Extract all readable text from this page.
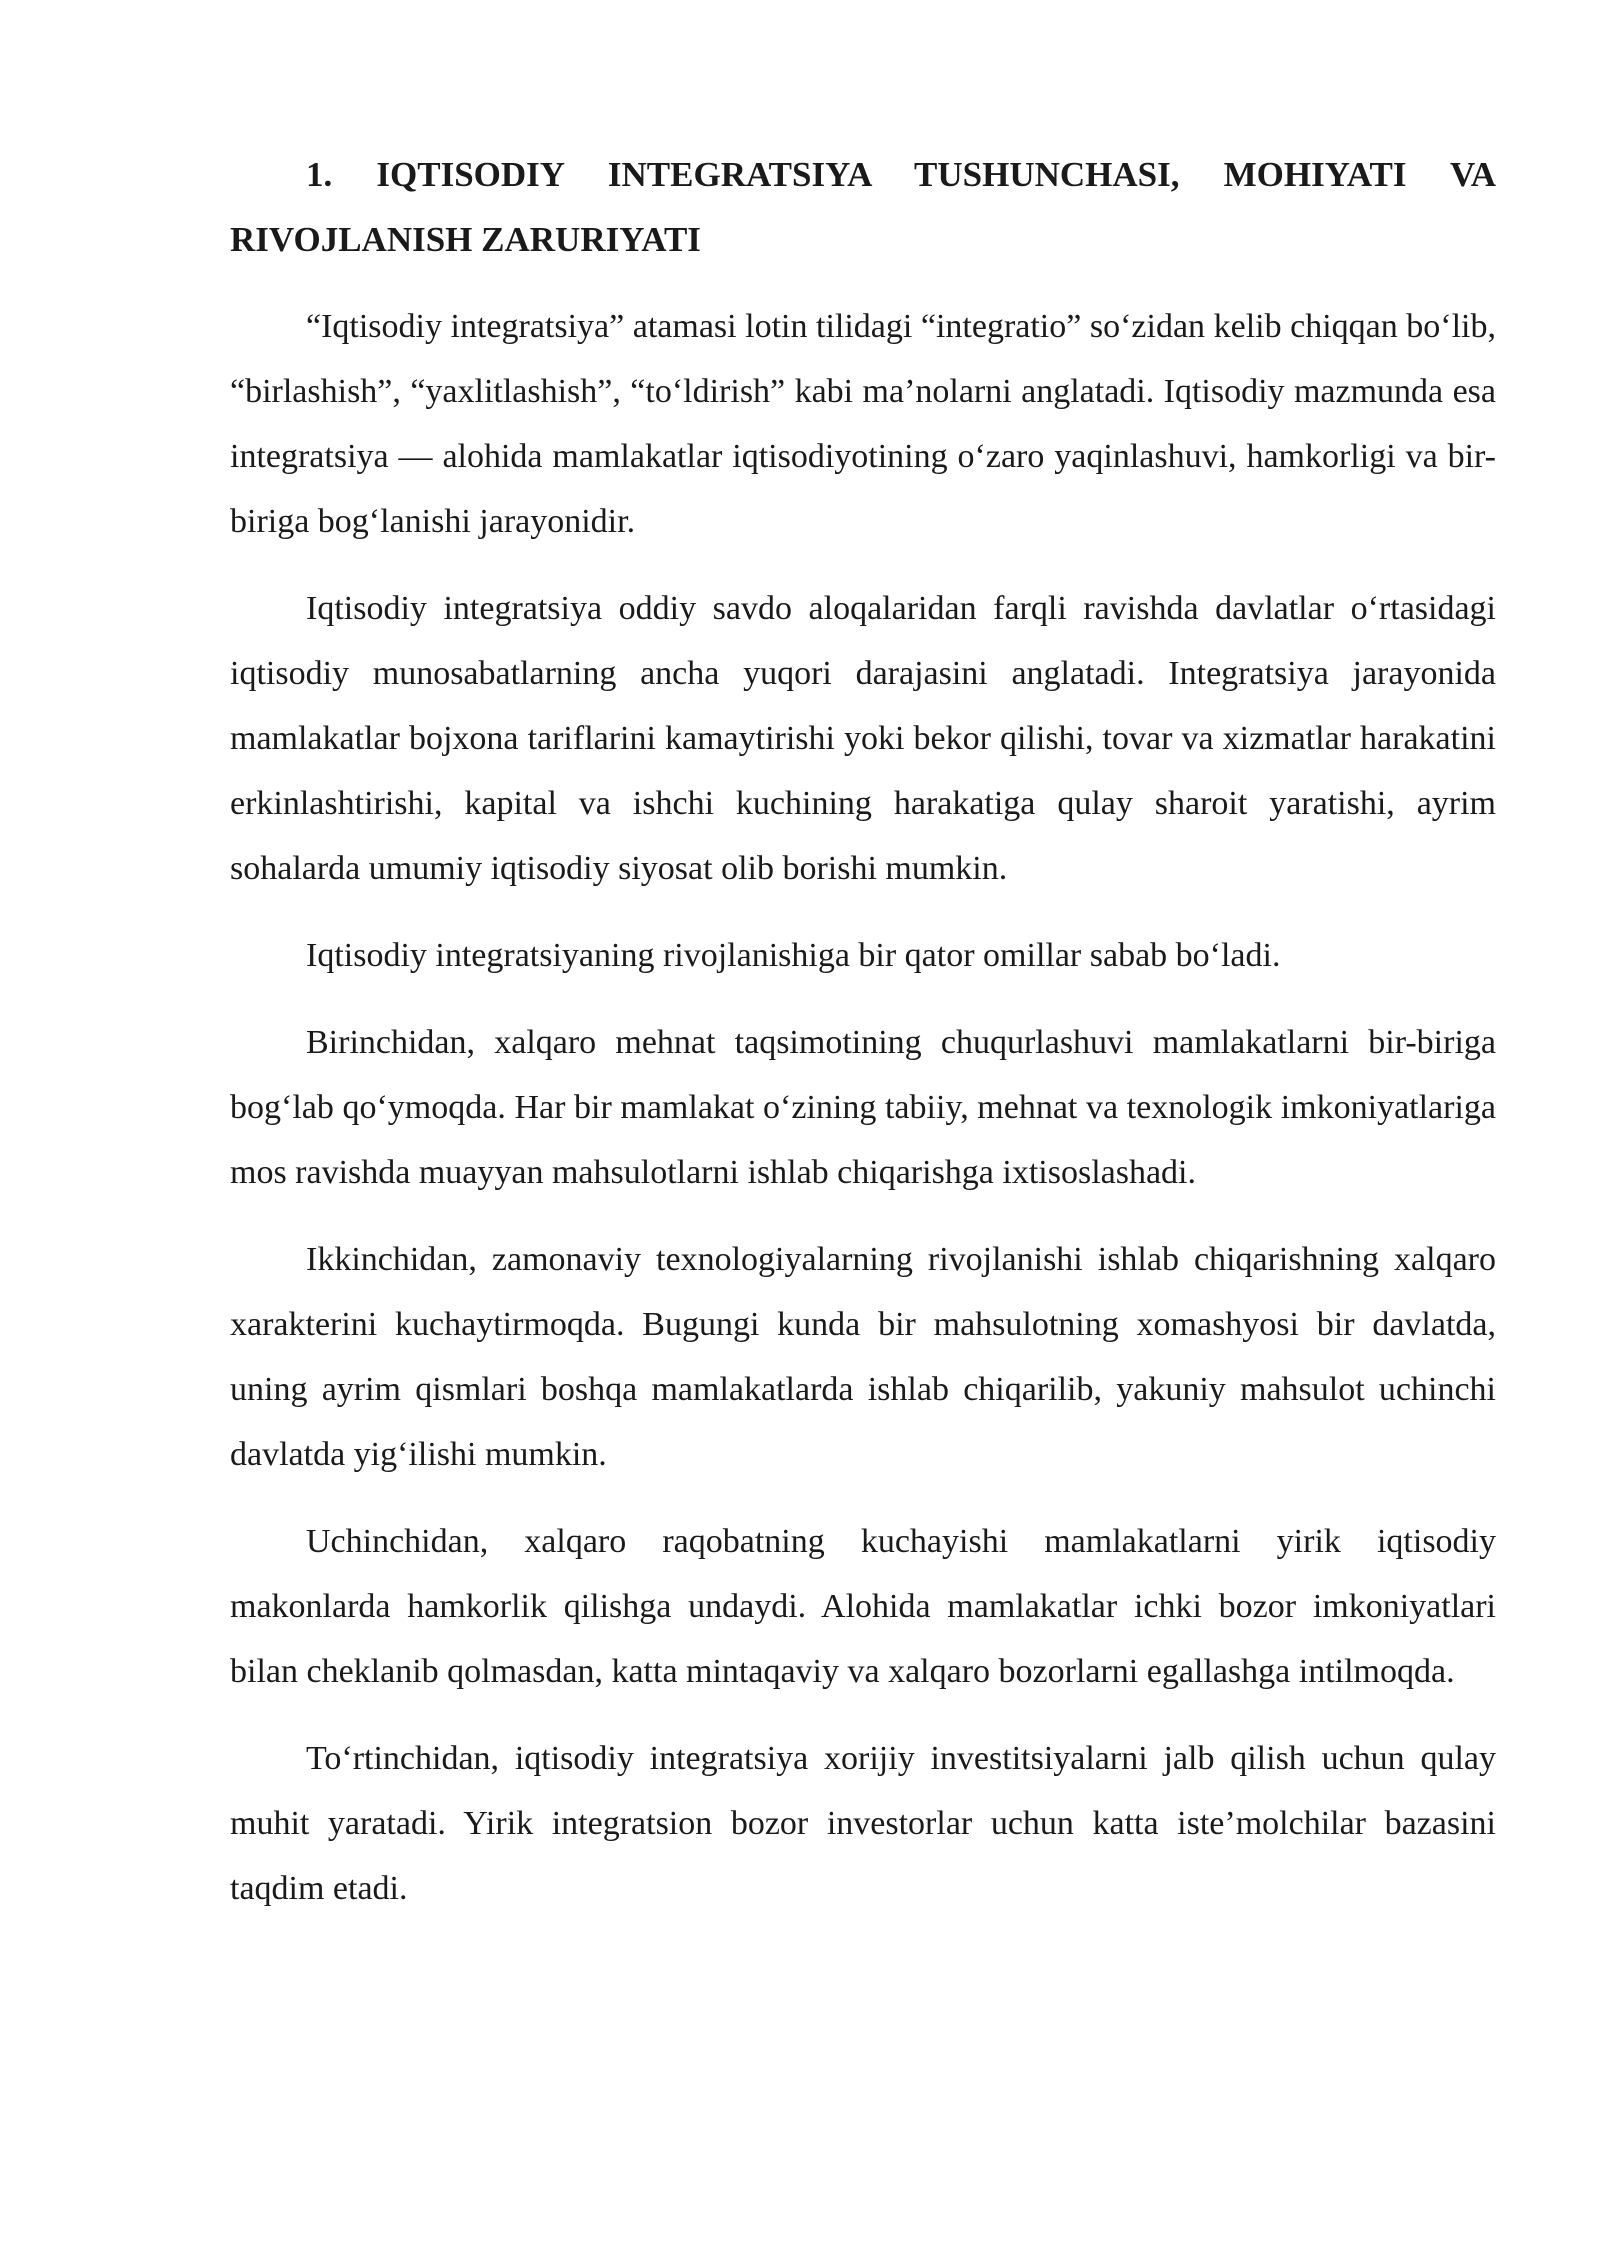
1. IQTISODIY INTEGRATSIYA TUSHUNCHASI, MOHIYATI VA RIVOJLANISH ZARURIYATI

“Iqtisodiy integratsiya” atamasi lotin tilidagi “integratio” so‘zidan kelib chiqqan bo‘lib, “birlashish”, “yaxlitlashish”, “to‘ldirish” kabi ma’nolarni anglatadi. Iqtisodiy mazmunda esa integratsiya — alohida mamlakatlar iqtisodiyotining o‘zaro yaqinlashuvi, hamkorligi va bir-biriga bog‘lanishi jarayonidir.

Iqtisodiy integratsiya oddiy savdo aloqalaridan farqli ravishda davlatlar o‘rtasidagi iqtisodiy munosabatlarning ancha yuqori darajasini anglatadi. Integratsiya jarayonida mamlakatlar bojxona tariflarini kamaytirishi yoki bekor qilishi, tovar va xizmatlar harakatini erkinlashtirishi, kapital va ishchi kuchining harakatiga qulay sharoit yaratishi, ayrim sohalarda umumiy iqtisodiy siyosat olib borishi mumkin.

Iqtisodiy integratsiyaning rivojlanishiga bir qator omillar sabab bo‘ladi.

Birinchidan, xalqaro mehnat taqsimotining chuqurlashuvi mamlakatlarni bir-biriga bog‘lab qo‘ymoqda. Har bir mamlakat o‘zining tabiiy, mehnat va texnologik imkoniyatlariga mos ravishda muayyan mahsulotlarni ishlab chiqarishga ixtisoslashadi.

Ikkinchidan, zamonaviy texnologiyalarning rivojlanishi ishlab chiqarishning xalqaro xarakterini kuchaytirmoqda. Bugungi kunda bir mahsulotning xomashyosi bir davlatda, uning ayrim qismlari boshqa mamlakatlarda ishlab chiqarilib, yakuniy mahsulot uchinchi davlatda yig‘ilishi mumkin.

Uchinchidan, xalqaro raqobatning kuchayishi mamlakatlarni yirik iqtisodiy makonlarda hamkorlik qilishga undaydi. Alohida mamlakatlar ichki bozor imkoniyatlari bilan cheklanib qolmasdan, katta mintaqaviy va xalqaro bozorlarni egallashga intilmoqda.

To‘rtinchidan, iqtisodiy integratsiya xorijiy investitsiyalarni jalb qilish uchun qulay muhit yaratadi. Yirik integratsion bozor investorlar uchun katta iste’molchilar bazasini taqdim etadi.
